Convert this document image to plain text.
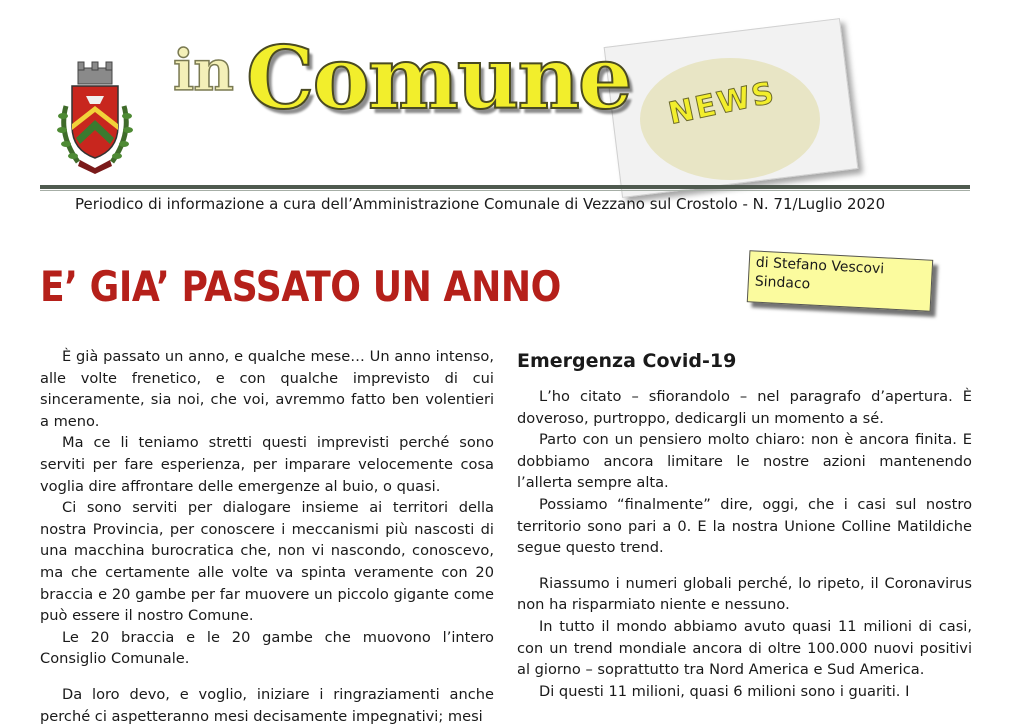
NEWS
in Comune
Periodico di informazione a cura dell’Amministrazione Comunale di Vezzano sul Crostolo - N. 71/Luglio 2020
E’ GIA’ PASSATO UN ANNO	di Stefano Vescovi
Sindaco

È già passato un anno, e qualche mese… Un anno intenso, alle volte frenetico, e con qualche imprevisto di cui sinceramente, sia noi, che voi, avremmo fatto ben volentieri a meno.

Ma ce li teniamo stretti questi imprevisti perché sono serviti per fare esperienza, per imparare velocemente cosa voglia dire affrontare delle emergenze al buio, o quasi.

Ci sono serviti per dialogare insieme ai territori della nostra Provincia, per conoscere i meccanismi più nascosti di una macchina burocratica che, non vi nascondo, conoscevo, ma che certamente alle volte va spinta veramente con 20 braccia e 20 gambe per far muovere un piccolo gigante come può essere il nostro Comune.

Le 20 braccia e le 20 gambe che muovono l’intero Consiglio Comunale.

Da loro devo, e voglio, iniziare i ringraziamenti anche perché ci aspetteranno mesi decisamente impegnativi; mesi

Emergenza Covid-19

L’ho citato – sfiorandolo – nel paragrafo d’apertura. È doveroso, purtroppo, dedicargli un momento a sé.

Parto con un pensiero molto chiaro: non è ancora finita. E dobbiamo ancora limitare le nostre azioni mantenendo l’allerta sempre alta.

Possiamo “finalmente” dire, oggi, che i casi sul nostro territorio sono pari a 0. E la nostra Unione Colline Matildiche segue questo trend.

Riassumo i numeri globali perché, lo ripeto, il Coronavirus non ha risparmiato niente e nessuno.

In tutto il mondo abbiamo avuto quasi 11 milioni di casi, con un trend mondiale ancora di oltre 100.000 nuovi positivi al giorno – soprattutto tra Nord America e Sud America.

Di questi 11 milioni, quasi 6 milioni sono i guariti. I
